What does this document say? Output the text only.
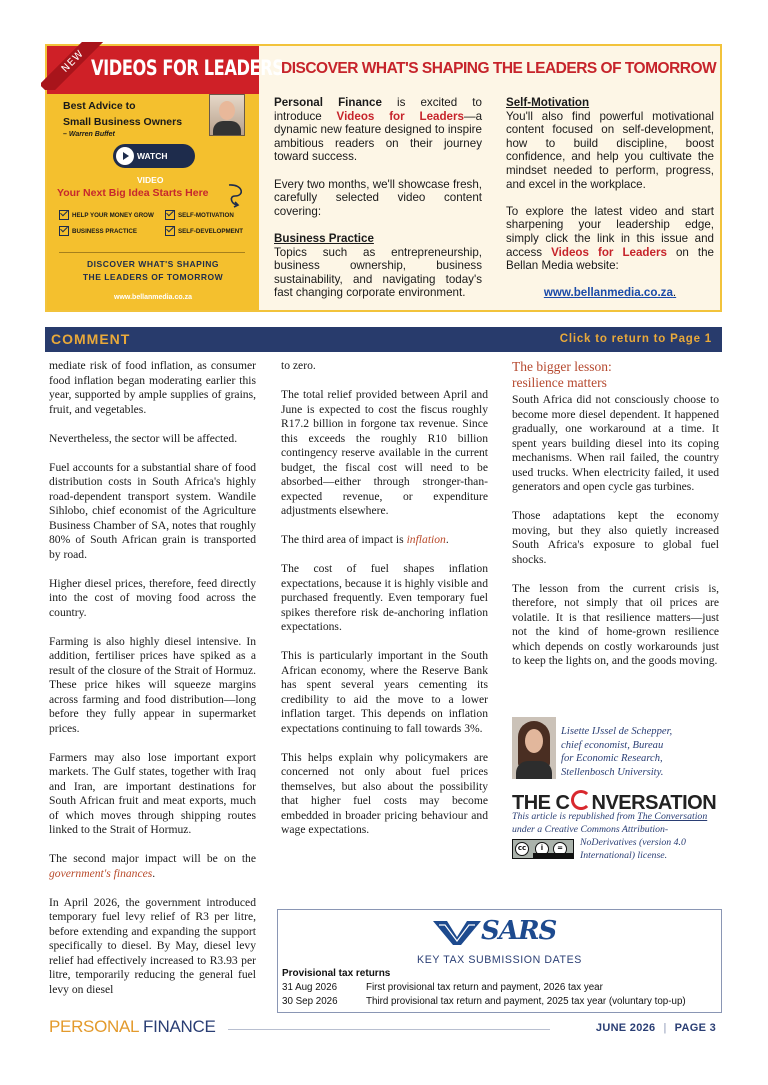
NEW VIDEOS FOR LEADERS
Best Advice to
Small Business Owners
– Warren Buffet
WATCH VIDEO
Your Next Big Idea Starts Here
HELP YOUR MONEY GROW	SELF-MOTIVATION
BUSINESS PRACTICE	SELF-DEVELOPMENT
DISCOVER WHAT'S SHAPING
THE LEADERS OF TOMORROW
www.bellanmedia.co.za
DISCOVER WHAT'S SHAPING THE LEADERS OF TOMORROW

Personal Finance is excited to introduce Videos for Leaders—a dynamic new feature designed to inspire ambitious readers on their journey toward success.

Every two months, we'll showcase fresh, carefully selected video content covering:

Business Practice

Topics such as entrepreneurship, business ownership, business sustainability, and navigating today's fast changing corporate environment.

Self-Motivation

You'll also find powerful motivational content focused on self-development, how to build discipline, boost confidence, and help you cultivate the mindset needed to perform, progress, and excel in the workplace.

To explore the latest video and start sharpening your leadership edge, simply click the link in this issue and access Videos for Leaders on the Bellan Media website:

www.bellanmedia.co.za.
COMMENT	Click to return to Page 1

mediate risk of food inflation, as consumer food inflation began moderating earlier this year, supported by ample supplies of grains, fruit, and vegetables.

Nevertheless, the sector will be affected.

Fuel accounts for a substantial share of food distribution costs in South Africa's highly road-dependent transport system. Wandile Sihlobo, chief economist of the Agriculture Business Chamber of SA, notes that roughly 80% of South African grain is transported by road.

Higher diesel prices, therefore, feed directly into the cost of moving food across the country.

Farming is also highly diesel intensive. In addition, fertiliser prices have spiked as a result of the closure of the Strait of Hormuz. These price hikes will squeeze margins across farming and food distribution—long before they fully appear in supermarket prices.

Farmers may also lose important export markets. The Gulf states, together with Iraq and Iran, are important destinations for South African fruit and meat exports, much of which moves through shipping routes linked to the Strait of Hormuz.

The second major impact will be on the government's finances.

In April 2026, the government introduced temporary fuel levy relief of R3 per litre, before extending and expanding the support specifically to diesel. By May, diesel levy relief had effectively increased to R3.93 per litre, temporarily reducing the general fuel levy on diesel

to zero.

The total relief provided between April and June is expected to cost the fiscus roughly R17.2 billion in forgone tax revenue. Since this exceeds the roughly R10 billion contingency reserve available in the current budget, the fiscal cost will need to be absorbed—either through stronger-than-expected revenue, or expenditure adjustments elsewhere.

The third area of impact is inflation.

The cost of fuel shapes inflation expectations, because it is highly visible and purchased frequently. Even temporary fuel spikes therefore risk de-anchoring inflation expectations.

This is particularly important in the South African economy, where the Reserve Bank has spent several years cementing its credibility to aid the move to a lower inflation target. This depends on inflation expectations continuing to fall towards 3%.

This helps explain why policymakers are concerned not only about fuel prices themselves, but also about the possibility that higher fuel costs may become embedded in broader pricing behaviour and wage expectations.

The bigger lesson:
resilience matters

South Africa did not consciously choose to become more diesel dependent. It happened gradually, one workaround at a time. It spent years building diesel into its coping mechanisms. When rail failed, the country used trucks. When electricity failed, it used generators and open cycle gas turbines.

Those adaptations kept the economy moving, but they also quietly increased South Africa's exposure to global fuel shocks.

The lesson from the current crisis is, therefore, not simply that oil prices are volatile. It is that resilience matters—just not the kind of home-grown resilience which depends on costly workarounds just to keep the lights on, and the goods moving.

Lisette IJssel de Schepper,
chief economist, Bureau
for Economic Research,
Stellenbosch University.
THE C NVERSATION
This article is republished from The Conversation under a Creative Commons Attribution-
cc	i	=	NoDerivatives (version 4.0 International) license.
SARS
KEY TAX SUBMISSION DATES
Provisional tax returns
31 Aug 2026	First provisional tax return and payment, 2026 tax year
30 Sep 2026	Third provisional tax return and payment, 2025 tax year (voluntary top-up)
PERSONAL FINANCE	JUNE 2026 | PAGE 3
